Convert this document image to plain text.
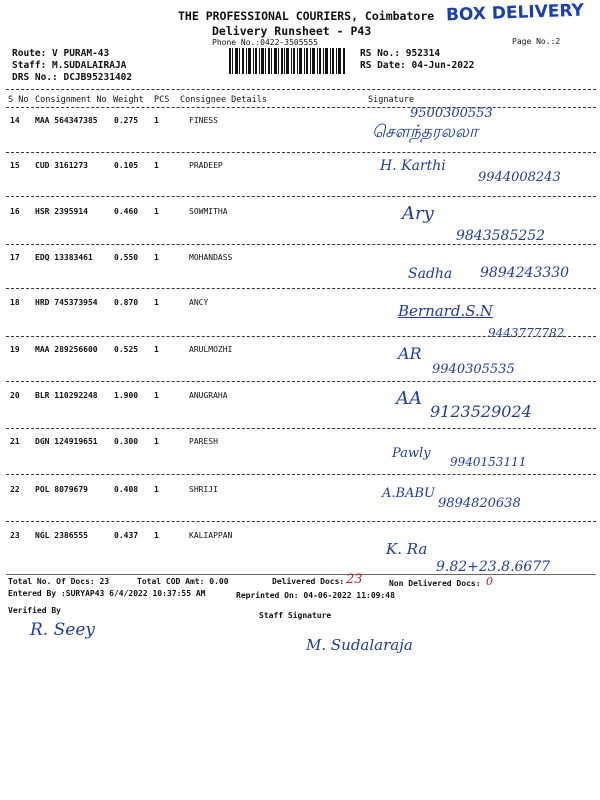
THE PROFESSIONAL COURIERS, Coimbatore
Delivery Runsheet - P43
Phone No.:0422-3505555
BOX DELIVERY
Page No.:2
Route: V PURAM-43
Staff: M.SUDALAIRAJA
DRS No.: DCJB95231402
RS No.: 952314
RS Date: 04-Jun-2022
S No Consignment No Weight PCS Consignee Details	Signature
14 MAA 564347385 0.275 1	FINESS	9500300553
சௌந்தரலலா
15 CUD 3161273	0.105 1	PRADEEP	H. Karthi
9944008243
16 HSR 2395914	0.460 1	SOWMITHA	Ary
9843585252
17 EDQ 13383461	0.550 1	MOHANDASS
Sadha 9894243330
18 HRD 745373954 0.870 1	ANCY	Bernard.S.N
9443777782
19 MAA 289256600 0.525 1	ARULMOZHI	AR
9940305535
20 BLR 110292248 1.900 1	ANUGRAHA	AA
9123529024
21 DGN 124919651 0.300 1	PARESH
Pawly
9940153111
22 POL 8079679	0.408 1	SHRIJI	A.BABU
9894820638
23 NGL 2386555	0.437 1	KALIAPPAN
K. Ra
9.82+23.8.6677
Total No. Of Docs: 23	Total COD Amt: 0.00	Delivered Docs: 23	Non Delivered Docs: 0
Entered By :SURYAP43 6/4/2022 10:37:55 AM	Reprinted On: 04-06-2022 11:09:48
Verified By
Staff Signature
R. Seey
M. Sudalaraja
